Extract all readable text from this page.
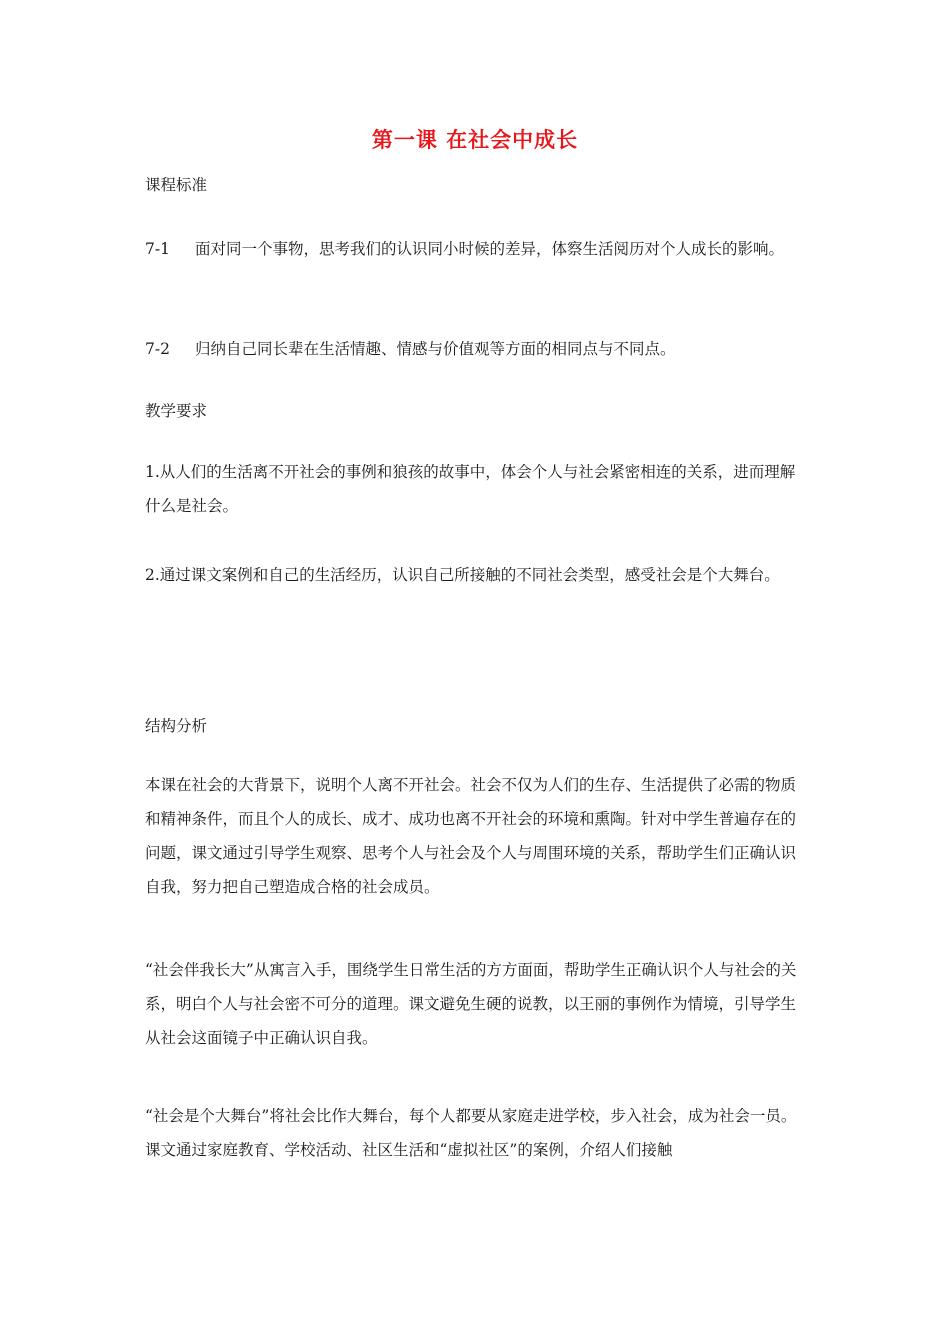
第一课 在社会中成长
课程标准

7-1 面对同一个事物，思考我们的认识同小时候的差异，体察生活阅历对个人成长的影响。

7-2 归纳自己同长辈在生活情趣、情感与价值观等方面的相同点与不同点。

教学要求
1.从人们的生活离不开社会的事例和狼孩的故事中，体会个人与社会紧密相连的关系，进而理解什么是社会。
2.通过课文案例和自己的生活经历，认识自己所接触的不同社会类型，感受社会是个大舞台。
结构分析
本课在社会的大背景下，说明个人离不开社会。社会不仅为人们的生存、生活提供了必需的物质和精神条件，而且个人的成长、成才、成功也离不开社会的环境和熏陶。针对中学生普遍存在的问题，课文通过引导学生观察、思考个人与社会及个人与周围环境的关系，帮助学生们正确认识自我，努力把自己塑造成合格的社会成员。
“社会伴我长大”从寓言入手，围绕学生日常生活的方方面面，帮助学生正确认识个人与社会的关系，明白个人与社会密不可分的道理。课文避免生硬的说教，以王丽的事例作为情境，引导学生从社会这面镜子中正确认识自我。
“社会是个大舞台”将社会比作大舞台，每个人都要从家庭走进学校，步入社会，成为社会一员。课文通过家庭教育、学校活动、社区生活和“虚拟社区”的案例，介绍人们接触
